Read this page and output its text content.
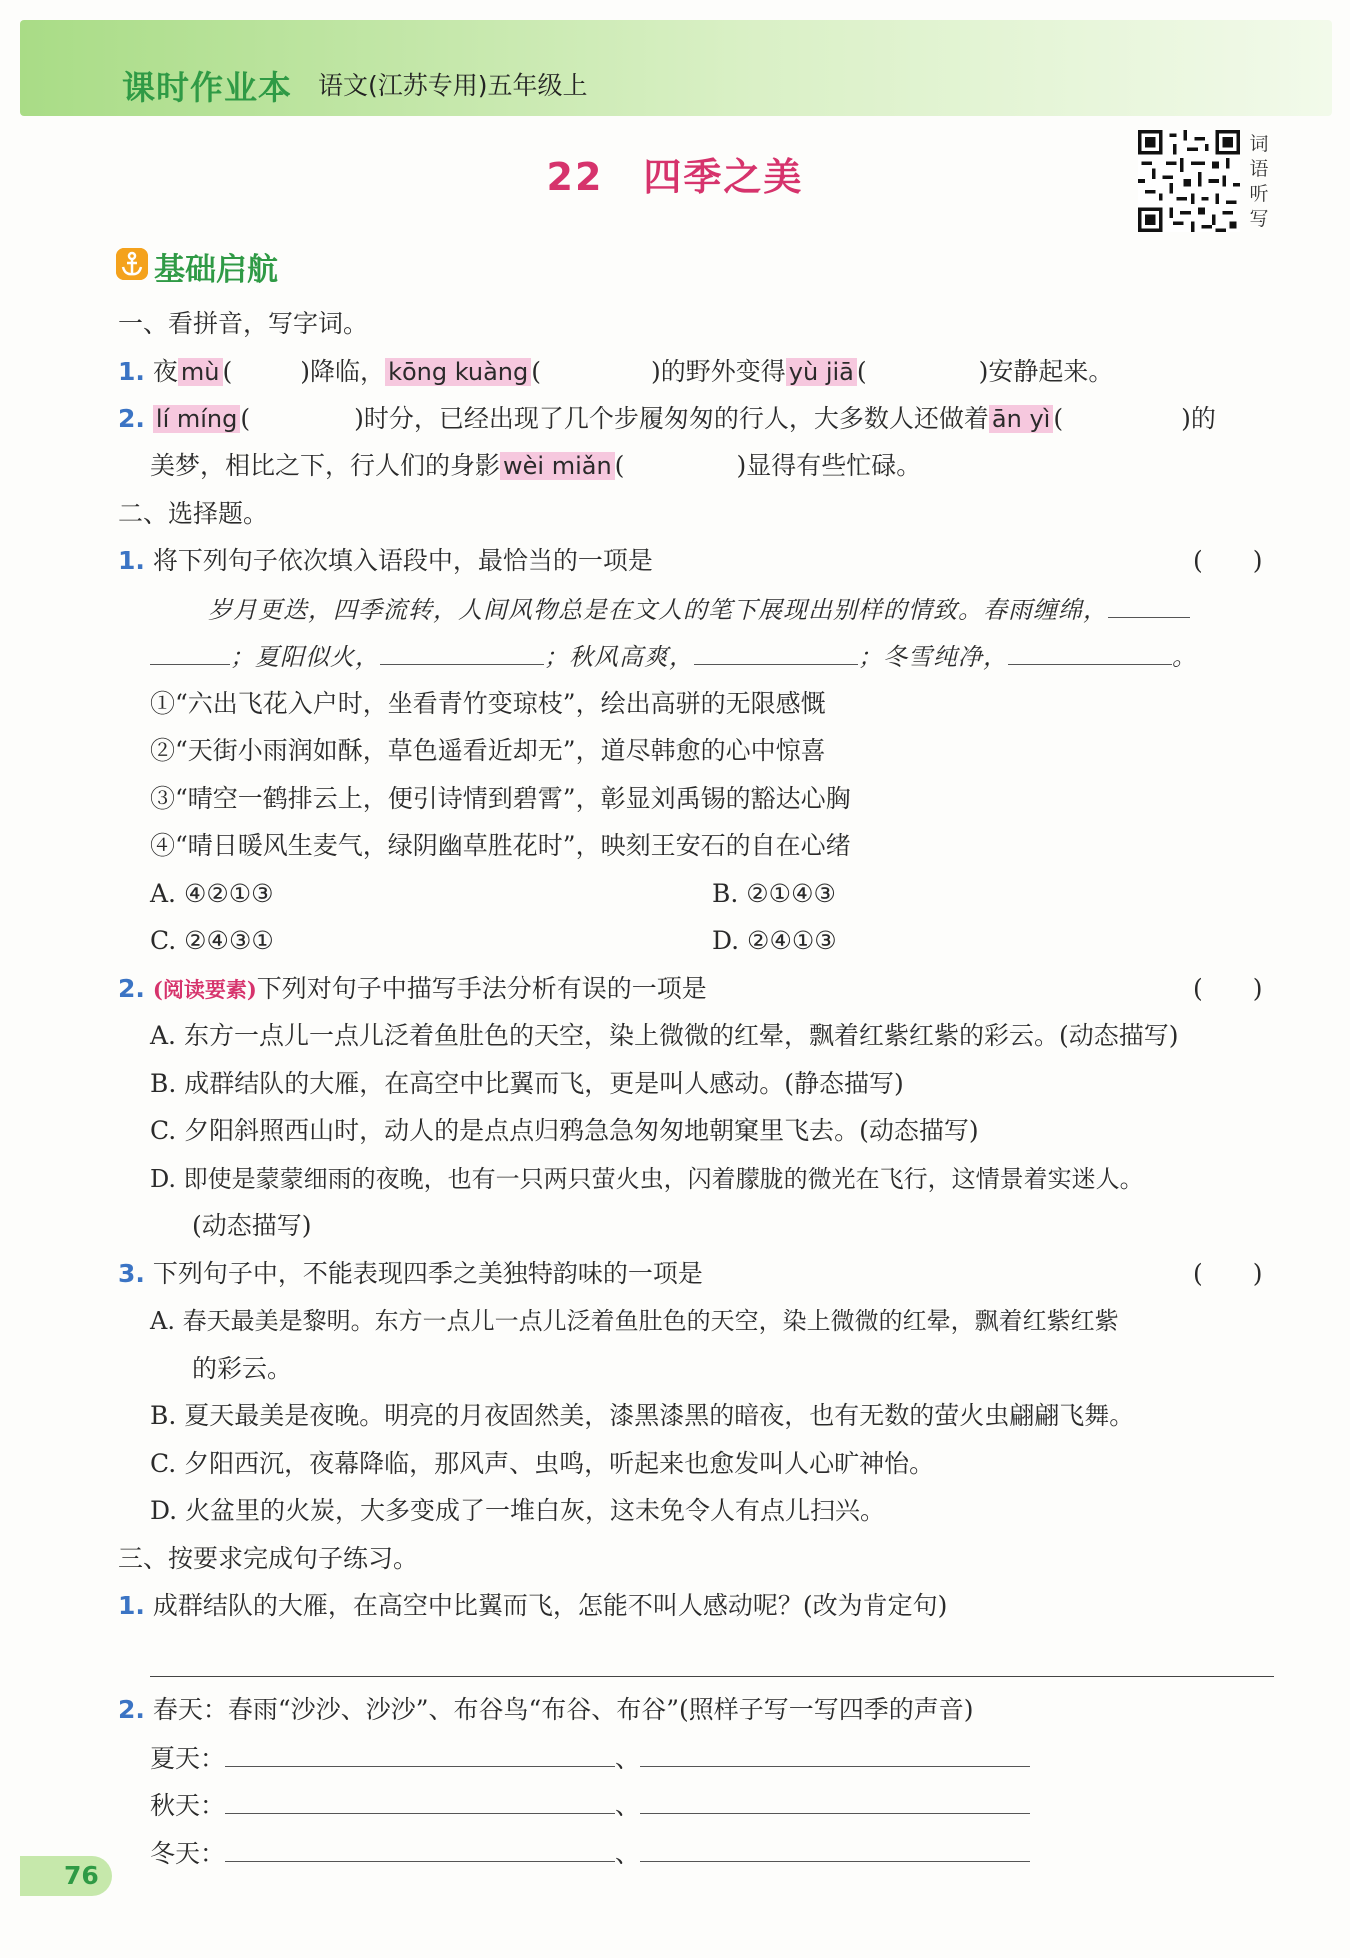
课时作业本 语文(江苏专用)五年级上
22　四季之美
词
语
听
写
基础启航
一、看拼音，写字词。
1. 夜 mù (	)降临， kōng kuàng (	)的野外变得 yù jiā (	)安静起来。
2. lí míng (	)时分，已经出现了几个步履匆匆的行人，大多数人还做着 ān yì (	)的
美梦，相比之下，行人们的身影 wèi miǎn (	)显得有些忙碌。
二、选择题。
1. 将下列句子依次填入语段中，最恰当的一项是	(　　)
岁月更迭，四季流转，人间风物总是在文人的笔下展现出别样的情致。春雨缠绵，
；夏阳似火，	；秋风高爽，	；冬雪纯净，	。
①“六出飞花入户时，坐看青竹变琼枝”，绘出高骈的无限感慨
②“天街小雨润如酥，草色遥看近却无”，道尽韩愈的心中惊喜
③“晴空一鹤排云上，便引诗情到碧霄”，彰显刘禹锡的豁达心胸
④“晴日暖风生麦气，绿阴幽草胜花时”，映刻王安石的自在心绪
A. ④②①③	B. ②①④③
C. ②④③①	D. ②④①③
2. (阅读要素)下列对句子中描写手法分析有误的一项是	(　　)
A. 东方一点儿一点儿泛着鱼肚色的天空，染上微微的红晕，飘着红紫红紫的彩云。(动态描写)
B. 成群结队的大雁，在高空中比翼而飞，更是叫人感动。(静态描写)
C. 夕阳斜照西山时，动人的是点点归鸦急急匆匆地朝窠里飞去。(动态描写)
D. 即使是蒙蒙细雨的夜晚，也有一只两只萤火虫，闪着朦胧的微光在飞行，这情景着实迷人。
(动态描写)
3. 下列句子中，不能表现四季之美独特韵味的一项是	(　　)
A. 春天最美是黎明。东方一点儿一点儿泛着鱼肚色的天空，染上微微的红晕，飘着红紫红紫
的彩云。
B. 夏天最美是夜晚。明亮的月夜固然美，漆黑漆黑的暗夜，也有无数的萤火虫翩翩飞舞。
C. 夕阳西沉，夜幕降临，那风声、虫鸣，听起来也愈发叫人心旷神怡。
D. 火盆里的火炭，大多变成了一堆白灰，这未免令人有点儿扫兴。
三、按要求完成句子练习。
1. 成群结队的大雁，在高空中比翼而飞，怎能不叫人感动呢？(改为肯定句)
2. 春天：春雨“沙沙、沙沙”、布谷鸟“布谷、布谷”(照样子写一写四季的声音)
夏天：	、
秋天：	、
冬天：	、
76
